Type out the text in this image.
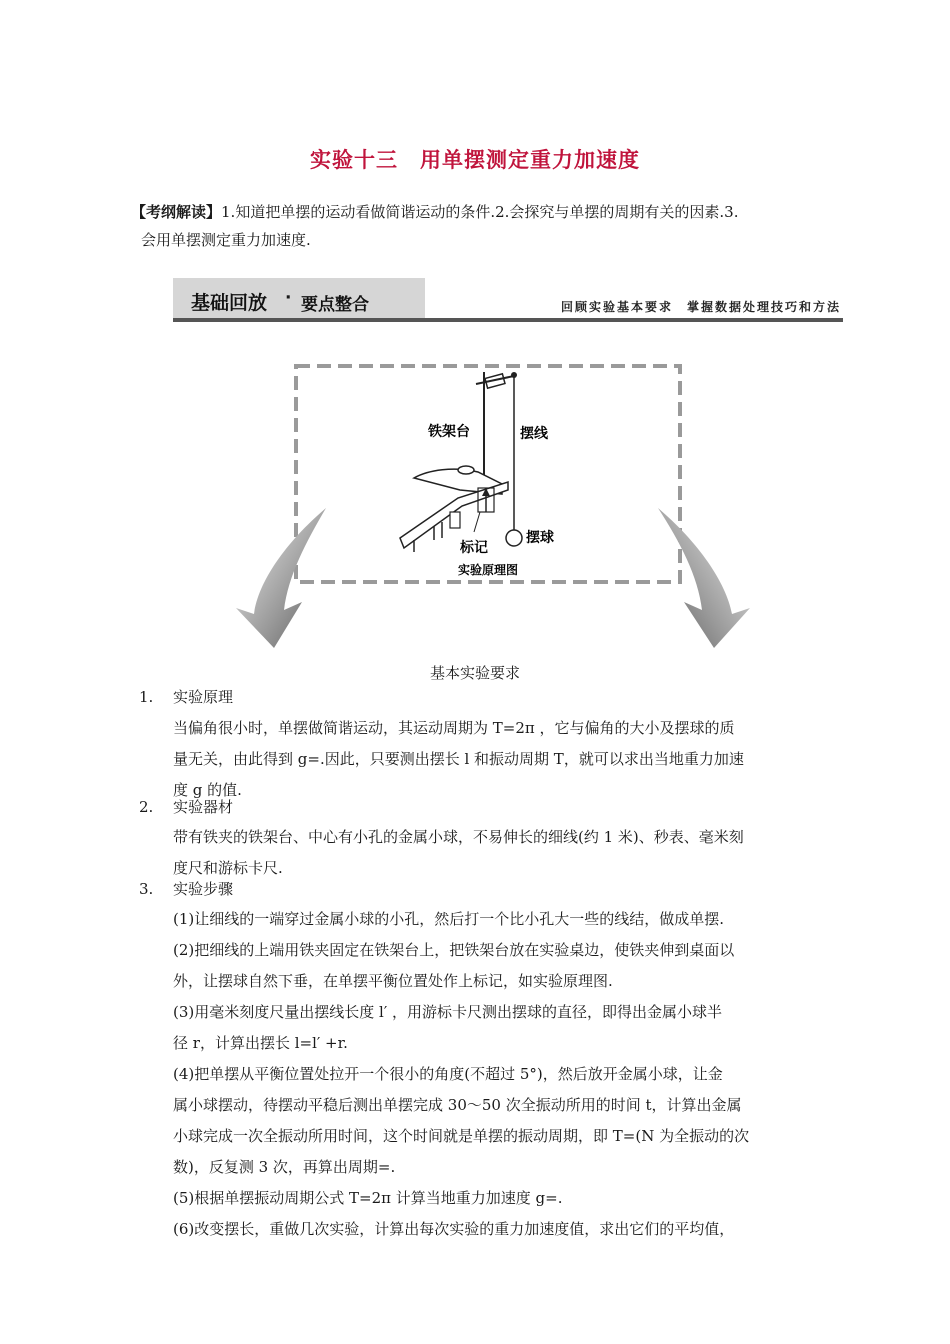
实验十三　用单摆测定重力加速度
【考纲解读】1.知道把单摆的运动看做简谐运动的条件.2.会探究与单摆的周期有关的因素.3.
会用单摆测定重力加速度.
基础回放 · 要点整合	回顾实验基本要求　掌握数据处理技巧和方法
铁架台	摆线
标记
摆球
实验原理图
基本实验要求
1. 实验原理
当偏角很小时，单摆做简谐运动，其运动周期为 T=2π ，它与偏角的大小及摆球的质
量无关，由此得到 g=.因此，只要测出摆长 l 和振动周期 T，就可以求出当地重力加速
度 g 的值.
2. 实验器材
带有铁夹的铁架台、中心有小孔的金属小球，不易伸长的细线(约 1 米)、秒表、毫米刻
度尺和游标卡尺.
3. 实验步骤
(1)让细线的一端穿过金属小球的小孔，然后打一个比小孔大一些的线结，做成单摆.
(2)把细线的上端用铁夹固定在铁架台上，把铁架台放在实验桌边，使铁夹伸到桌面以
外，让摆球自然下垂，在单摆平衡位置处作上标记，如实验原理图.
(3)用毫米刻度尺量出摆线长度 l′ ，用游标卡尺测出摆球的直径，即得出金属小球半
径 r，计算出摆长 l=l′ +r.
(4)把单摆从平衡位置处拉开一个很小的角度(不超过 5°)，然后放开金属小球，让金
属小球摆动，待摆动平稳后测出单摆完成 30～50 次全振动所用的时间 t，计算出金属
小球完成一次全振动所用时间，这个时间就是单摆的振动周期，即 T=(N 为全振动的次
数)，反复测 3 次，再算出周期=.
(5)根据单摆振动周期公式 T=2π 计算当地重力加速度 g=.
(6)改变摆长，重做几次实验，计算出每次实验的重力加速度值，求出它们的平均值，
